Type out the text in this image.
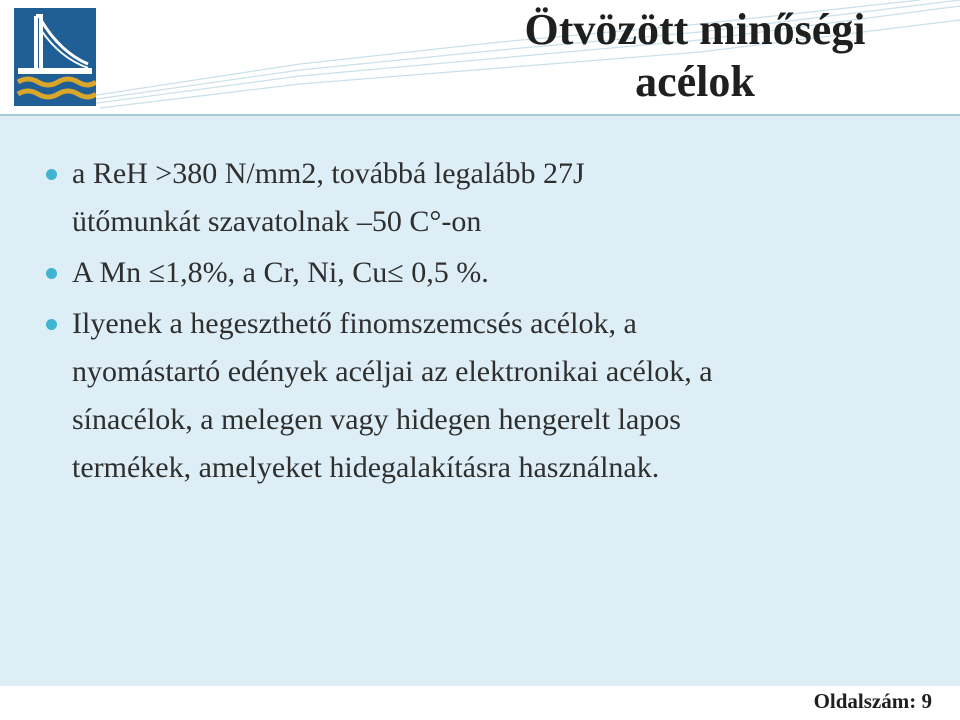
Ötvözött minőségi
acélok
a ReH >380 N/mm2, továbbá legalább 27J
ütőmunkát szavatolnak –50 C°-on
A Mn ≤1,8%, a Cr, Ni, Cu≤ 0,5 %.
Ilyenek a hegeszthető finomszemcsés acélok, a
nyomástartó edények acéljai az elektronikai acélok, a
sínacélok, a melegen vagy hidegen hengerelt lapos
termékek, amelyeket hidegalakításra használnak.
Oldalszám: 9
